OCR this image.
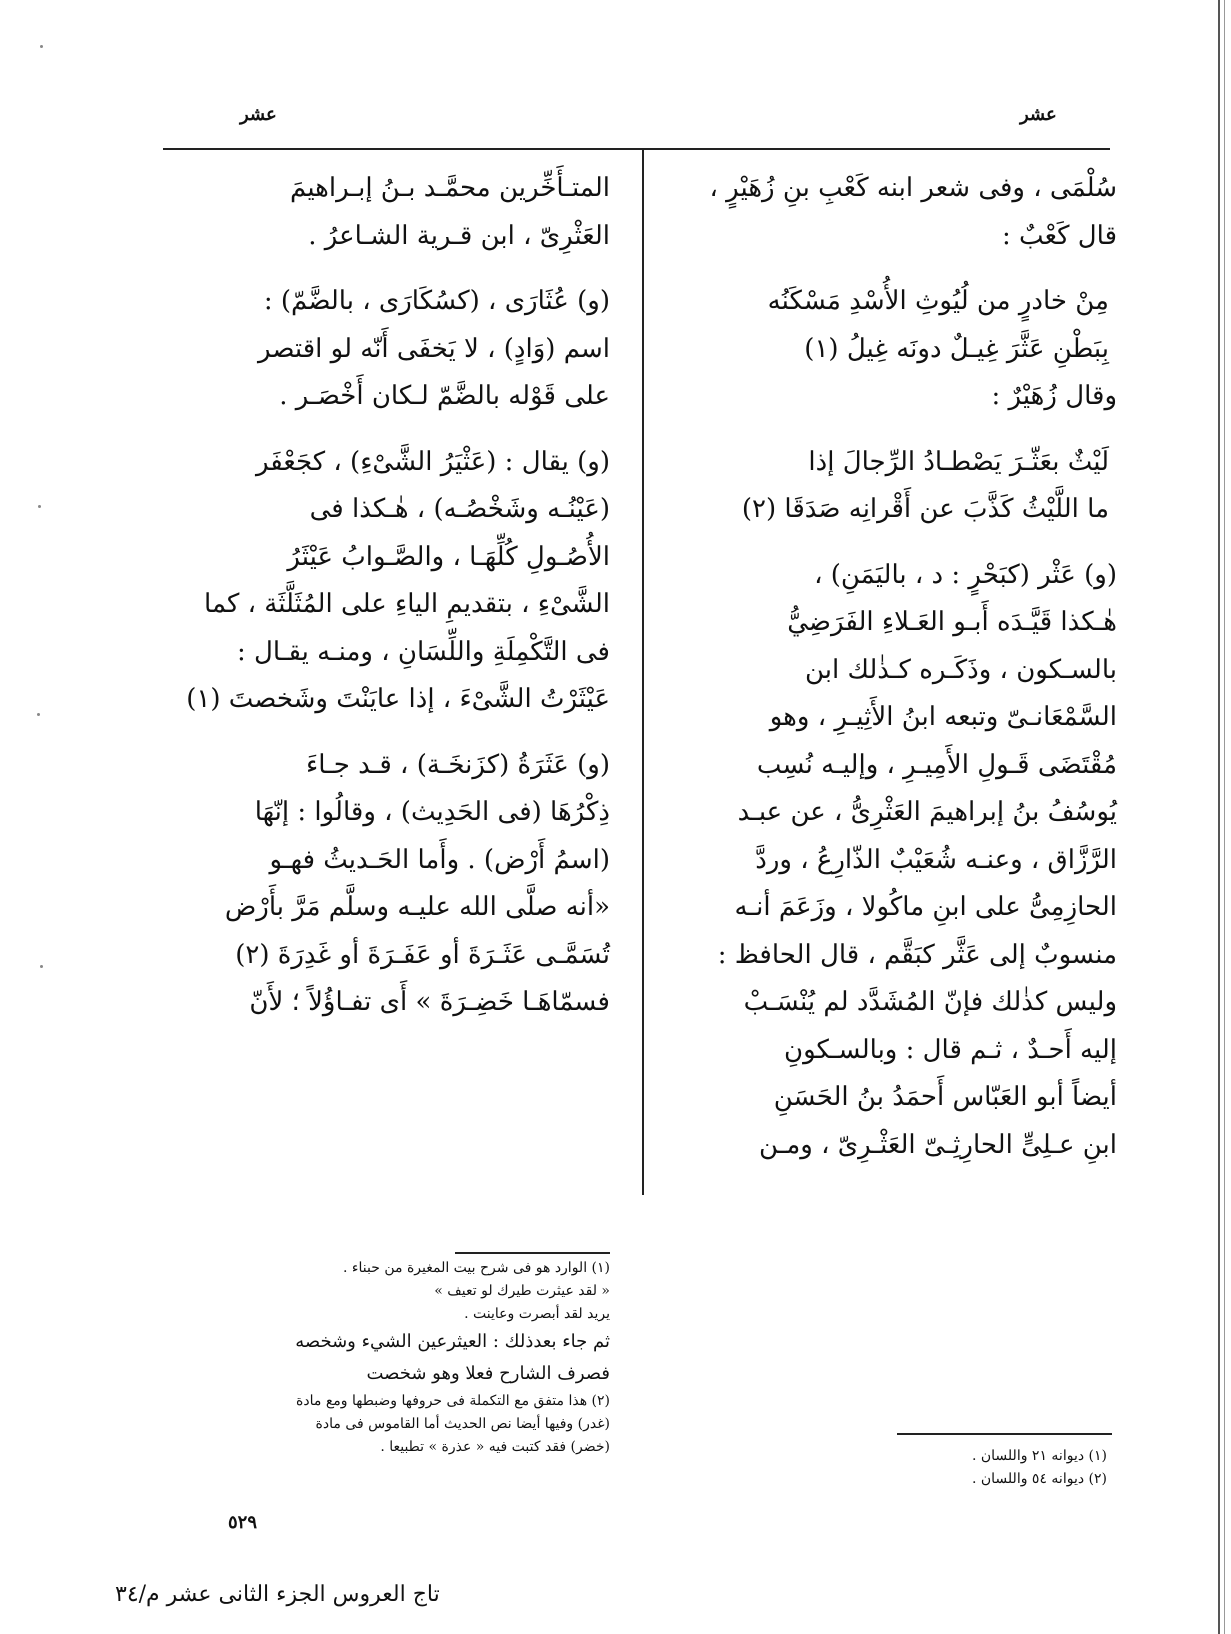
عشر
عشر

سُلْمَى ، وفى شعر ابنه كَعْبِ بنِ زُهَيْرٍ ،

قال كَعْبٌ :

مِنْ خادرٍ من لُيُوثِ الأُسْدِ مَسْكَنُه

بِبَطْنِ عَثَّرَ غِيـلٌ دونَه غِيلُ (١)

وقال زُهَيْرٌ :

لَيْثٌ بعَثّـرَ يَصْطـادُ الرِّجالَ إذا

ما اللَّيْثُ كَذَّبَ عن أَقْرانِه صَدَقَا (٢)

(و) عَثْر (كبَحْرٍ : د ، باليَمَنِ) ،

هٰـكذا قَيَّـدَه أَبـو العَـلاءِ الفَرَضِيُّ

بالسـكون ، وذَكَـره كـذٰلك ابن

السَّمْعَانـىّ وتبعه ابنُ الأَثِيـرِ ، وهو

مُقْتَضَى قَـولِ الأَمِيـرِ ، وإليـه نُسِب

يُوسُفُ بنُ إبراهيمَ العَثْرِىُّ ، عن عبـد

الرَّزَّاق ، وعنـه شُعَيْبٌ الذّارِعُ ، وردَّ

الحازِمِىُّ على ابنِ ماكُولا ، وزَعَمَ أنـه

منسوبٌ إلى عَثَّر كبَقَّم ، قال الحافظ :

وليس كذٰلك فإنّ المُشَدَّد لم يُنْسَـبْ

إليه أَحـدٌ ، ثـم قال : وبالسـكونِ

أيضاً أبو العَبّاس أَحمَدُ بنُ الحَسَنِ

ابنِ عـلِىٍّ الحارِثِـىّ العَثْـرِىّ ، ومـن

المتـأَخِّرين محمَّـد بـنُ إبـراهيمَ

العَثْرِىّ ، ابن قـرية الشـاعرُ .

(و) عُثَارَى ، (كسُكَارَى ، بالضَّمّ) :

اسم (وَادٍ) ، لا يَخفَى أَنّه لو اقتصر

على قَوْله بالضَّمّ لـكان أَخْصَـر .

(و) يقال : (عَثْيَرُ الشَّىْءِ) ، كجَعْفَر

(عَيْنُـه وشَخْصُـه) ، هٰـكذا فى

الأُصُـولِ كُلِّهَـا ، والصَّـوابُ عَيْثَرُ

الشَّىْءِ ، بتقديمِ الياءِ على المُثَلَّثَة ، كما

فى التَّكْمِلَةِ واللِّسَانِ ، ومنـه يقـال :

عَيْثَرْتُ الشَّىْءَ ، إذا عايَنْتَ وشَخصتَ (١)

(و) عَثَرَةُ (كزَنخَـة) ، قـد جـاءَ

ذِكْرُهَا (فى الحَدِيث) ، وقالُوا : إنّهَا

(اسمُ أَرْض) . وأَما الحَـديثُ فهـو

«أنه صلَّى الله عليـه وسلَّم مَرَّ بأَرْض

تُسَمَّـى عَثَـرَةَ أو عَفَـرَةَ أو غَدِرَةَ (٢)

فسمّاهَـا خَضِـرَةَ » أَى تفـاؤُلاً ؛ لأَنّ

(١) ديوانه ٢١ واللسان .

(٢) ديوانه ٥٤ واللسان .

(١) الوارد هو فى شرح بيت المغيرة من حبناء .

« لقد عيثرت طيرك لو تعيف »

يريد لقد أبصرت وعاينت .

ثم جاء بعدذلك : العيثرعين الشيء وشخصه

فصرف الشارح فعلا وهو شخصت

(٢) هذا متفق مع التكملة فى حروفها وضبطها ومع مادة

(غدر) وفيها أيضا نص الحديث أما القاموس فى مادة

(خضر) فقد كتبت فيه « عذرة » تطبيعا .

٥٢٩
تاج العروس الجزء الثانى عشر م/٣٤
